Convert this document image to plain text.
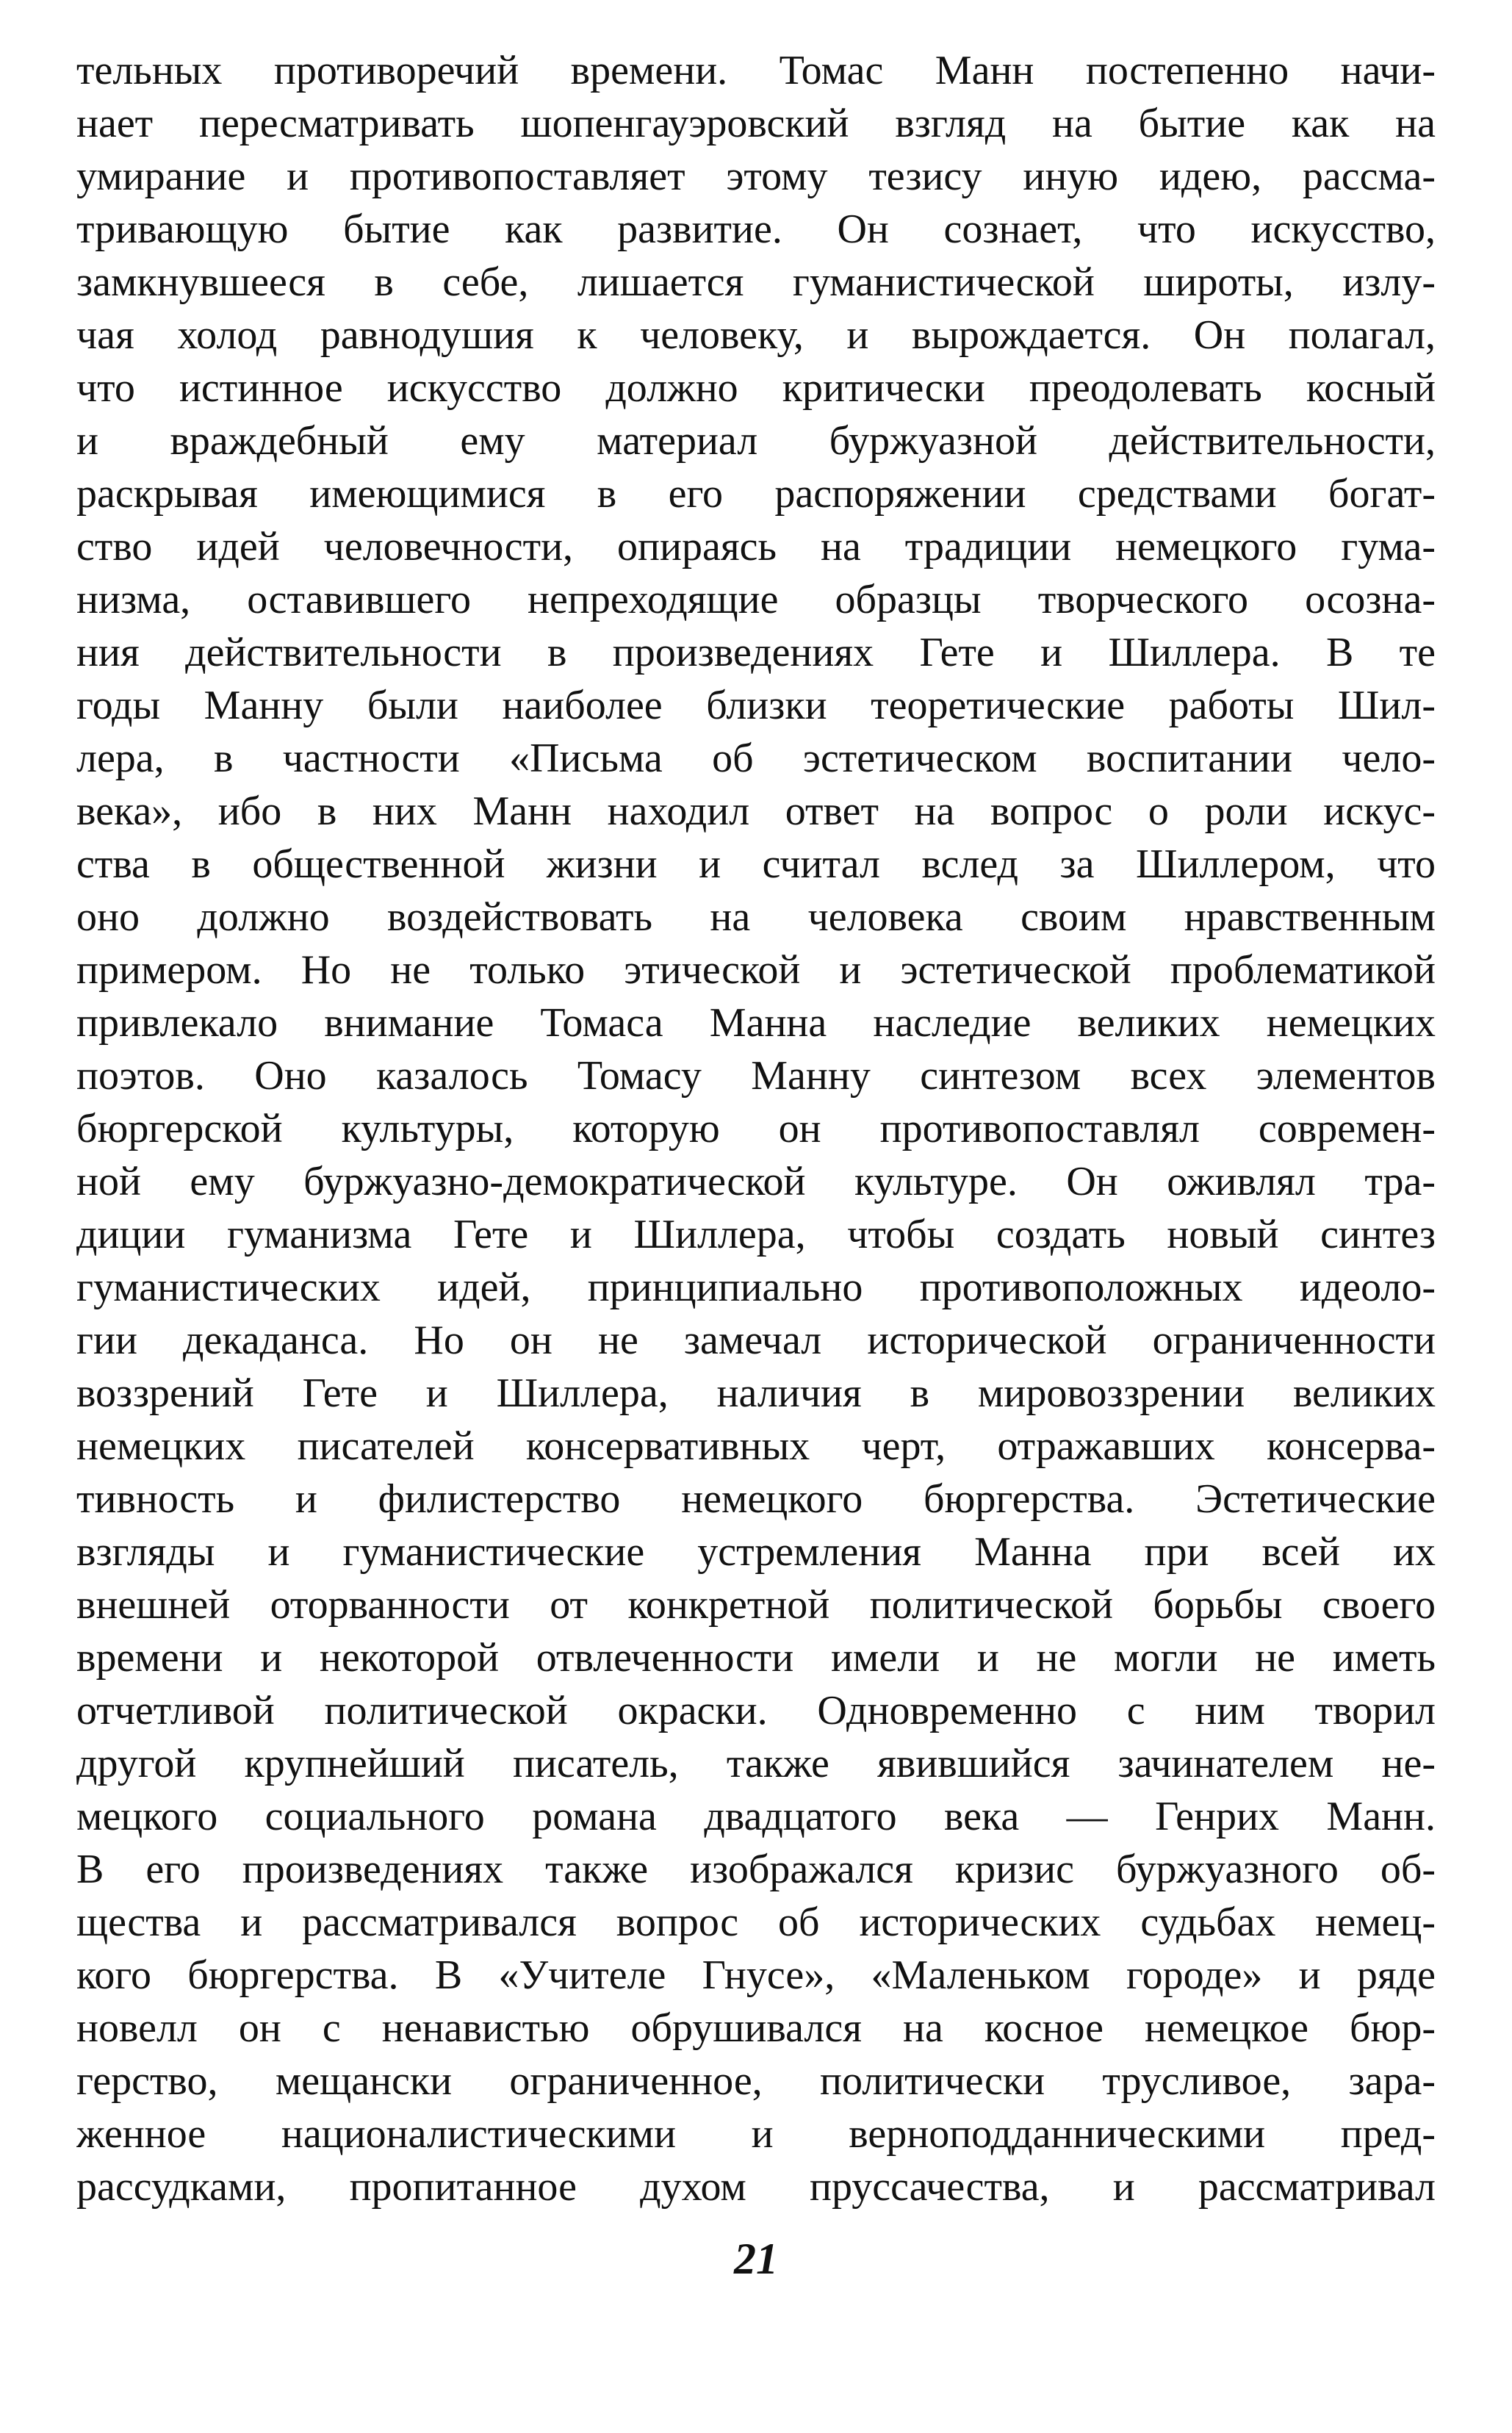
тельных противоречий времени. Томас Манн постепенно начи-
нает пересматривать шопенгауэровский взгляд на бытие как на
умирание и противопоставляет этому тезису иную идею, рассма-
тривающую бытие как развитие. Он сознает, что искусство,
замкнувшееся в себе, лишается гуманистической широты, излу-
чая холод равнодушия к человеку, и вырождается. Он полагал,
что истинное искусство должно критически преодолевать косный
и враждебный ему материал буржуазной действительности,
раскрывая имеющимися в его распоряжении средствами богат-
ство идей человечности, опираясь на традиции немецкого гума-
низма, оставившего непреходящие образцы творческого осозна-
ния действительности в произведениях Гете и Шиллера. В те
годы Манну были наиболее близки теоретические работы Шил-
лера, в частности «Письма об эстетическом воспитании чело-
века», ибо в них Манн находил ответ на вопрос о роли искус-
ства в общественной жизни и считал вслед за Шиллером, что
оно должно воздействовать на человека своим нравственным
примером. Но не только этической и эстетической проблематикой
привлекало внимание Томаса Манна наследие великих немецких
поэтов. Оно казалось Томасу Манну синтезом всех элементов
бюргерской культуры, которую он противопоставлял современ-
ной ему буржуазно-демократической культуре. Он оживлял тра-
диции гуманизма Гете и Шиллера, чтобы создать новый синтез
гуманистических идей, принципиально противоположных идеоло-
гии декаданса. Но он не замечал исторической ограниченности
воззрений Гете и Шиллера, наличия в мировоззрении великих
немецких писателей консервативных черт, отражавших консерва-
тивность и филистерство немецкого бюргерства. Эстетические
взгляды и гуманистические устремления Манна при всей их
внешней оторванности от конкретной политической борьбы своего
времени и некоторой отвлеченности имели и не могли не иметь
отчетливой политической окраски. Одновременно с ним творил
другой крупнейший писатель, также явившийся зачинателем не-
мецкого социального романа двадцатого века — Генрих Манн.
В его произведениях также изображался кризис буржуазного об-
щества и рассматривался вопрос об исторических судьбах немец-
кого бюргерства. В «Учителе Гнусе», «Маленьком городе» и ряде
новелл он с ненавистью обрушивался на косное немецкое бюр-
герство, мещански ограниченное, политически трусливое, зара-
женное националистическими и верноподданническими пред-
рассудками, пропитанное духом пруссачества, и рассматривал
21
